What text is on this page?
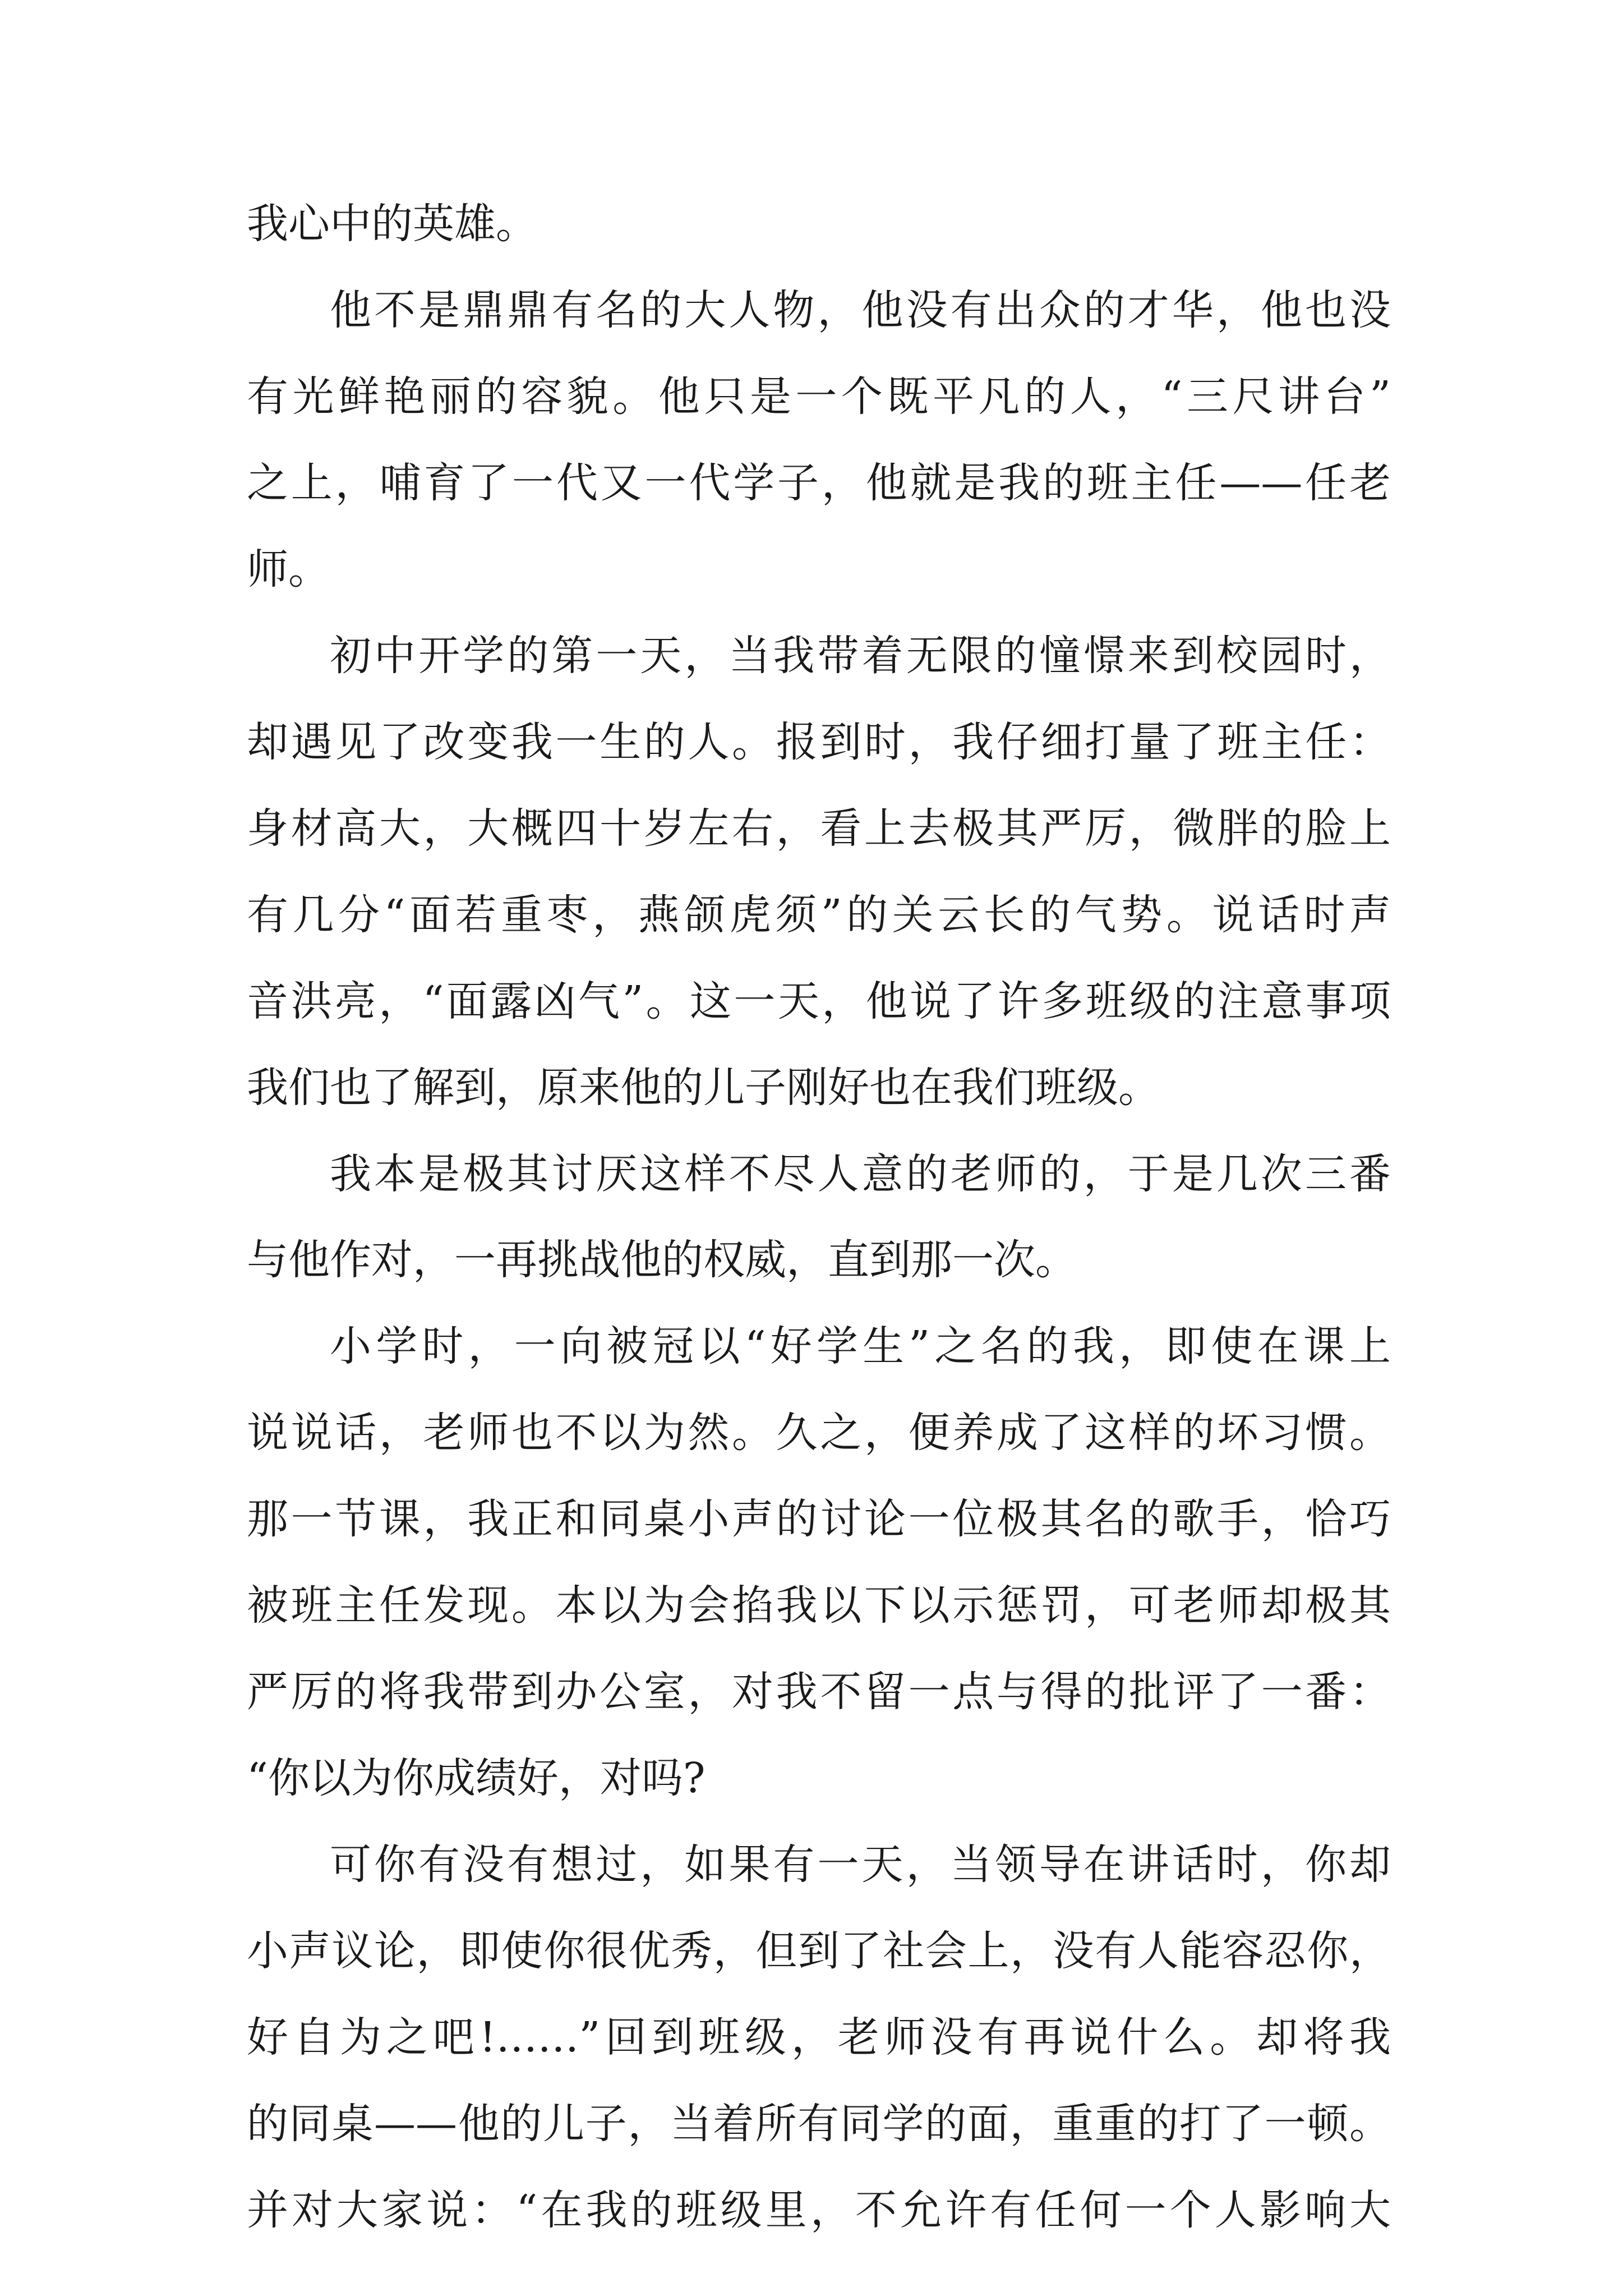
我心中的英雄。
他不是鼎鼎有名的大人物，他没有出众的才华，他也没
有光鲜艳丽的容貌。他只是一个既平凡的人，“三尺讲台”
之上，哺育了一代又一代学子，他就是我的班主任——任老
师。
初中开学的第一天，当我带着无限的憧憬来到校园时，
却遇见了改变我一生的人。报到时，我仔细打量了班主任：
身材高大，大概四十岁左右，看上去极其严厉，微胖的脸上
有几分“面若重枣，燕颌虎须”的关云长的气势。说话时声
音洪亮，“面露凶气”。这一天，他说了许多班级的注意事项
我们也了解到，原来他的儿子刚好也在我们班级。
我本是极其讨厌这样不尽人意的老师的，于是几次三番
与他作对，一再挑战他的权威，直到那一次。
小学时，一向被冠以“好学生”之名的我，即使在课上
说说话，老师也不以为然。久之，便养成了这样的坏习惯。
那一节课，我正和同桌小声的讨论一位极其名的歌手，恰巧
被班主任发现。本以为会掐我以下以示惩罚，可老师却极其
严厉的将我带到办公室，对我不留一点与得的批评了一番：
“你以为你成绩好，对吗?
可你有没有想过，如果有一天，当领导在讲话时，你却
小声议论，即使你很优秀，但到了社会上，没有人能容忍你，
好自为之吧!……”回到班级，老师没有再说什么。却将我
的同桌——他的儿子，当着所有同学的面，重重的打了一顿。
并对大家说：“在我的班级里，不允许有任何一个人影响大
